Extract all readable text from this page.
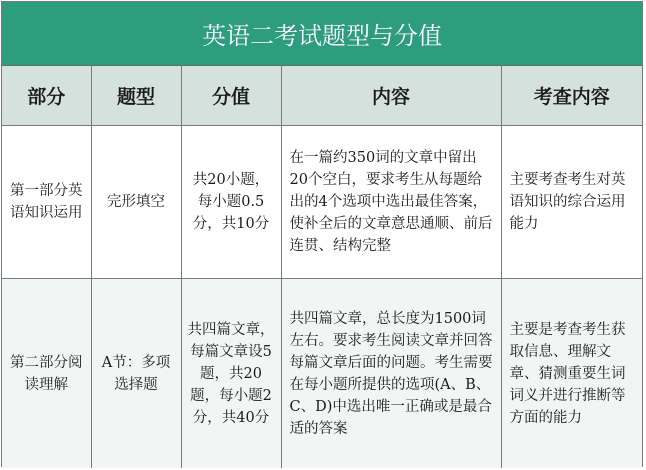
英语二考试题型与分值
部分	题型	分值	内容	考查内容
第一部分英语知识运用	完形填空	共20小题，每小题0.5分，共10分	在一篇约350词的文章中留出20个空白，要求考生从每题给出的4个选项中选出最佳答案，使补全后的文章意思通顺、前后连贯、结构完整	主要考查考生对英语知识的综合运用能力
第二部分阅读理解	A节：多项选择题	共四篇文章，每篇文章设5题，共20题，每小题2分，共40分	共四篇文章，总长度为1500词左右。要求考生阅读文章并回答每篇文章后面的问题。考生需要在每小题所提供的选项(A、B、C、D)中选出唯一正确或是最合适的答案	主要是考查考生获取信息、理解文章、猜测重要生词词义并进行推断等方面的能力
